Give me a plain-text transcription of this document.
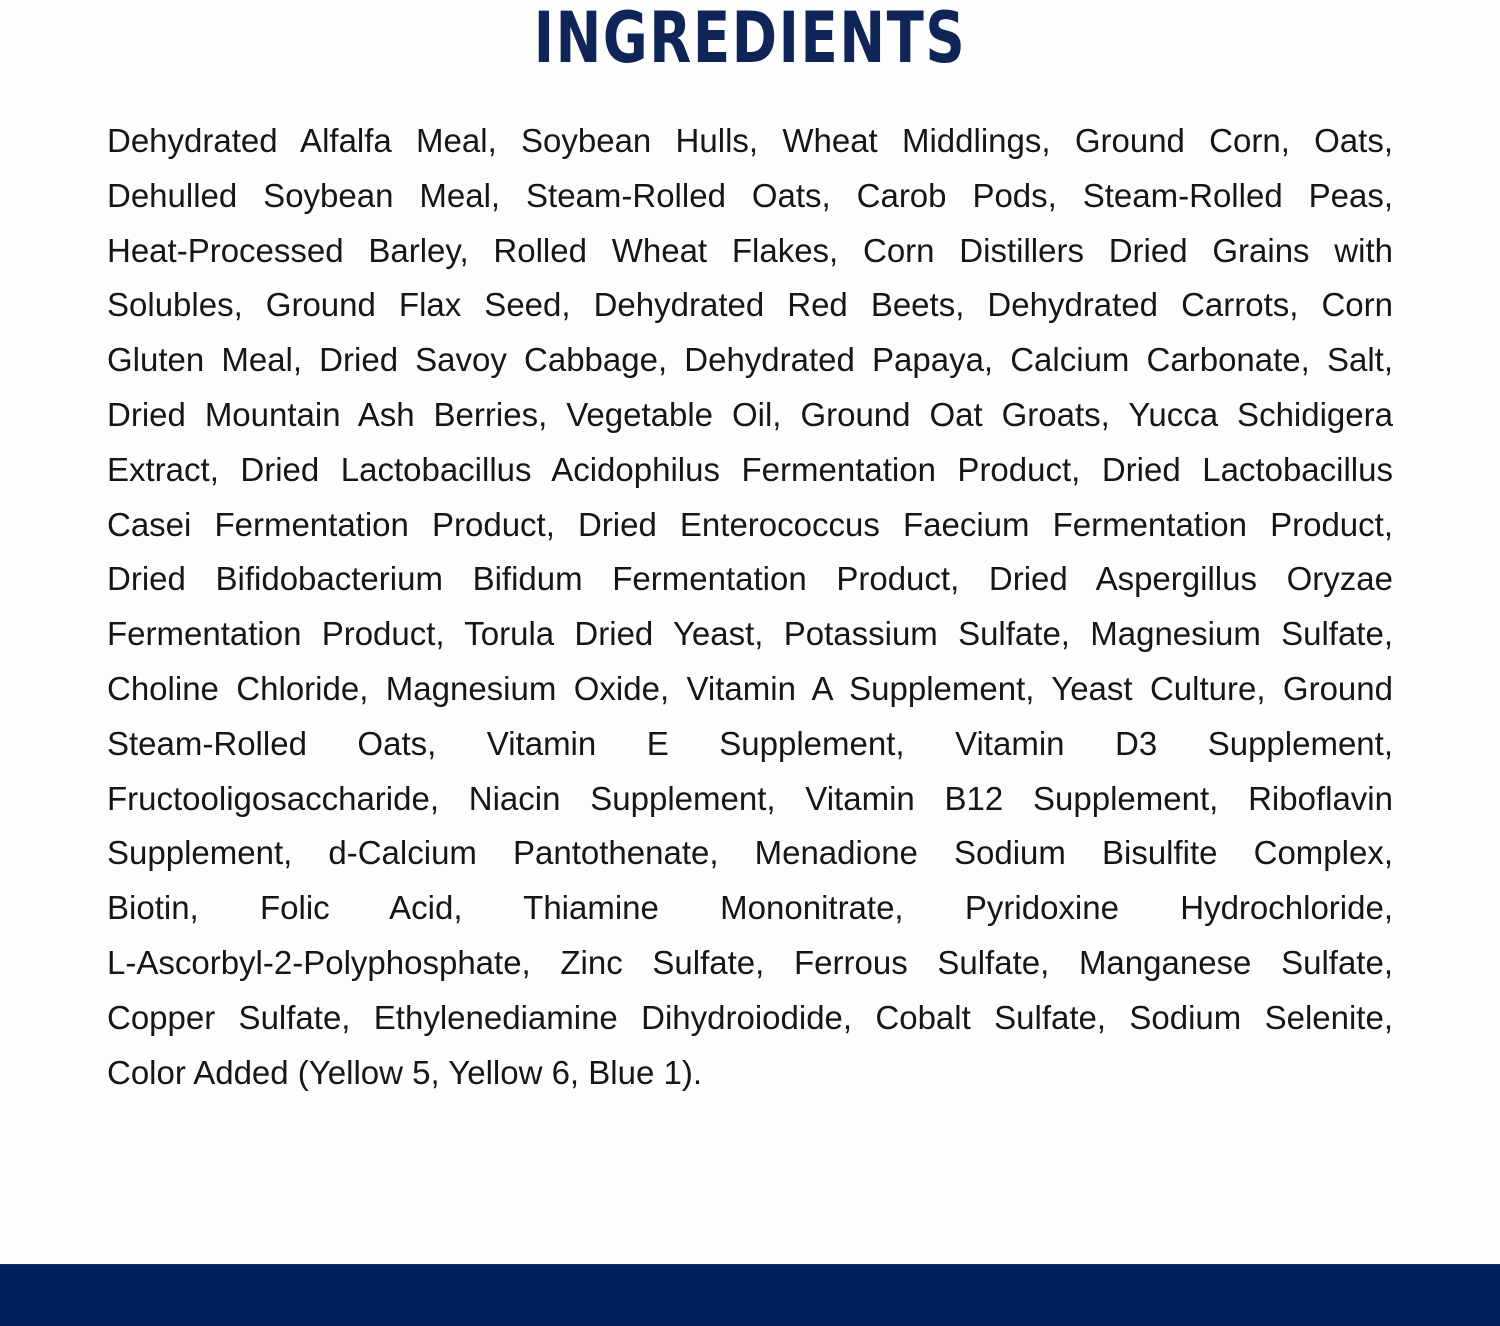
INGREDIENTS
Dehydrated Alfalfa Meal, Soybean Hulls, Wheat Middlings, Ground Corn, Oats,
Dehulled Soybean Meal, Steam-Rolled Oats, Carob Pods, Steam-Rolled Peas,
Heat-Processed Barley, Rolled Wheat Flakes, Corn Distillers Dried Grains with
Solubles, Ground Flax Seed, Dehydrated Red Beets, Dehydrated Carrots, Corn
Gluten Meal, Dried Savoy Cabbage, Dehydrated Papaya, Calcium Carbonate, Salt,
Dried Mountain Ash Berries, Vegetable Oil, Ground Oat Groats, Yucca Schidigera
Extract, Dried Lactobacillus Acidophilus Fermentation Product, Dried Lactobacillus
Casei Fermentation Product, Dried Enterococcus Faecium Fermentation Product,
Dried Bifidobacterium Bifidum Fermentation Product, Dried Aspergillus Oryzae
Fermentation Product, Torula Dried Yeast, Potassium Sulfate, Magnesium Sulfate,
Choline Chloride, Magnesium Oxide, Vitamin A Supplement, Yeast Culture, Ground
Steam-Rolled Oats, Vitamin E Supplement, Vitamin D3 Supplement,
Fructooligosaccharide, Niacin Supplement, Vitamin B12 Supplement, Riboflavin
Supplement, d-Calcium Pantothenate, Menadione Sodium Bisulfite Complex,
Biotin, Folic Acid, Thiamine Mononitrate, Pyridoxine Hydrochloride,
L-Ascorbyl-2-Polyphosphate, Zinc Sulfate, Ferrous Sulfate, Manganese Sulfate,
Copper Sulfate, Ethylenediamine Dihydroiodide, Cobalt Sulfate, Sodium Selenite,
Color Added (Yellow 5, Yellow 6, Blue 1).
